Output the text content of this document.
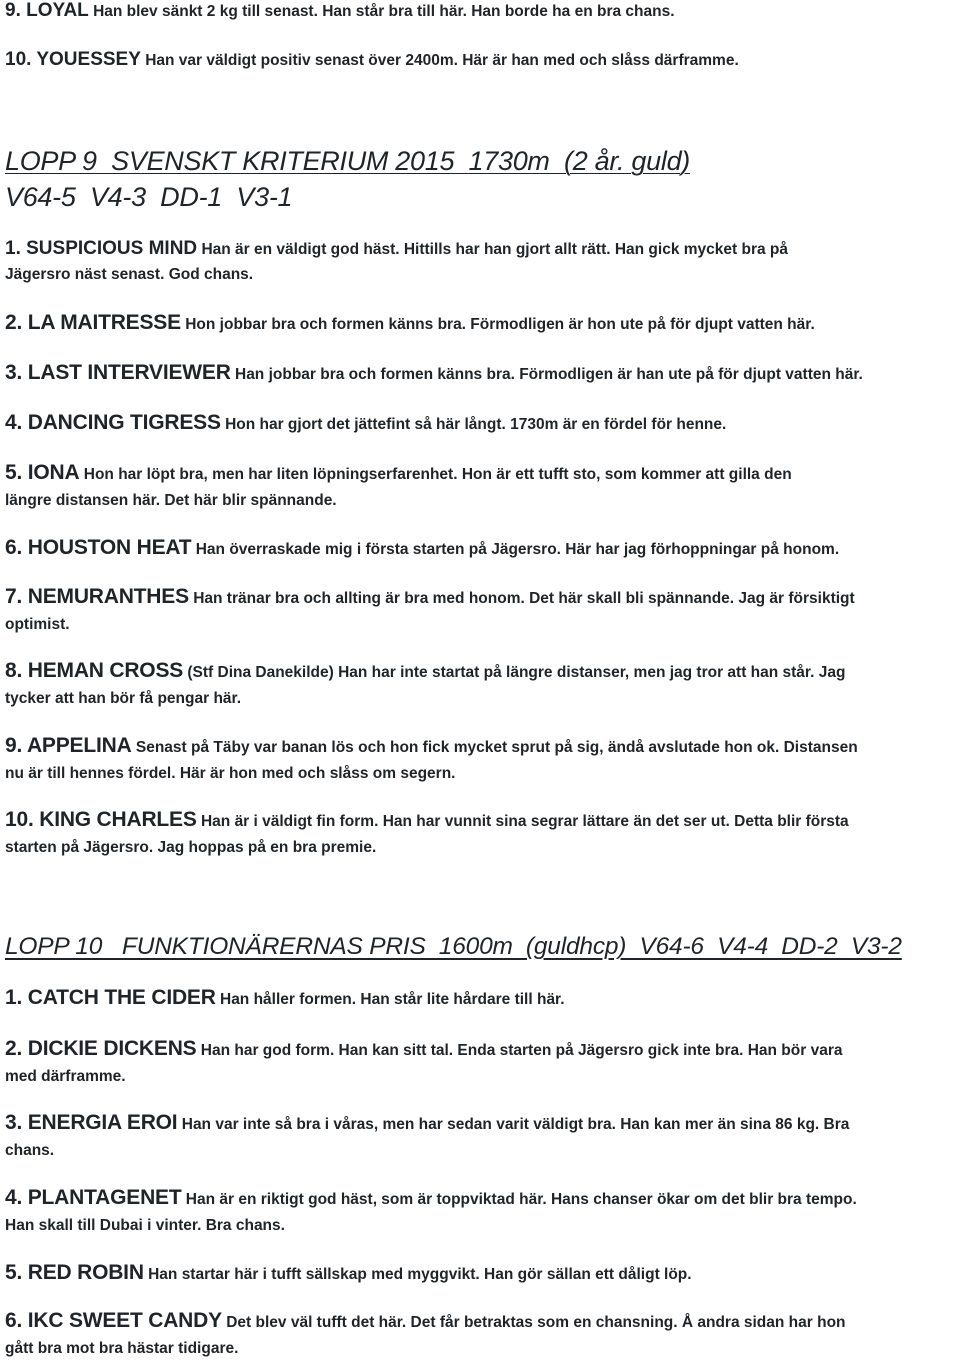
9. LOYAL Han blev sänkt 2 kg till senast. Han står bra till här. Han borde ha en bra chans.
10. YOUESSEY Han var väldigt positiv senast över 2400m. Här är han med och slåss därframme.
LOPP 9  SVENSKT KRITERIUM 2015  1730m  (2 år. guld)
V64-5  V4-3  DD-1  V3-1
1. SUSPICIOUS MIND Han är en väldigt god häst. Hittills har han gjort allt rätt. Han gick mycket bra på
Jägersro näst senast. God chans.
2. LA MAITRESSE Hon jobbar bra och formen känns bra. Förmodligen är hon ute på för djupt vatten här.
3. LAST INTERVIEWER Han jobbar bra och formen känns bra. Förmodligen är han ute på för djupt vatten här.
4. DANCING TIGRESS Hon har gjort det jättefint så här långt. 1730m är en fördel för henne.
5. IONA Hon har löpt bra, men har liten löpningserfarenhet. Hon är ett tufft sto, som kommer att gilla den
längre distansen här. Det här blir spännande.
6. HOUSTON HEAT Han överraskade mig i första starten på Jägersro. Här har jag förhoppningar på honom.
7. NEMURANTHES Han tränar bra och allting är bra med honom. Det här skall bli spännande. Jag är försiktigt
optimist.
8. HEMAN CROSS (Stf Dina Danekilde) Han har inte startat på längre distanser, men jag tror att han står. Jag
tycker att han bör få pengar här.
9. APPELINA Senast på Täby var banan lös och hon fick mycket sprut på sig, ändå avslutade hon ok. Distansen
nu är till hennes fördel. Här är hon med och slåss om segern.
10. KING CHARLES Han är i väldigt fin form. Han har vunnit sina segrar lättare än det ser ut. Detta blir första
starten på Jägersro. Jag hoppas på en bra premie.
LOPP 10   FUNKTIONÄRERNAS PRIS  1600m  (guldhcp)  V64-6  V4-4  DD-2  V3-2
1. CATCH THE CIDER Han håller formen. Han står lite hårdare till här.
2. DICKIE DICKENS Han har god form. Han kan sitt tal. Enda starten på Jägersro gick inte bra. Han bör vara
med därframme.
3. ENERGIA EROI Han var inte så bra i våras, men har sedan varit väldigt bra. Han kan mer än sina 86 kg. Bra
chans.
4. PLANTAGENET Han är en riktigt god häst, som är toppviktad här. Hans chanser ökar om det blir bra tempo.
Han skall till Dubai i vinter. Bra chans.
5. RED ROBIN Han startar här i tufft sällskap med myggvikt. Han gör sällan ett dåligt löp.
6. IKC SWEET CANDY Det blev väl tufft det här. Det får betraktas som en chansning. Å andra sidan har hon
gått bra mot bra hästar tidigare.
